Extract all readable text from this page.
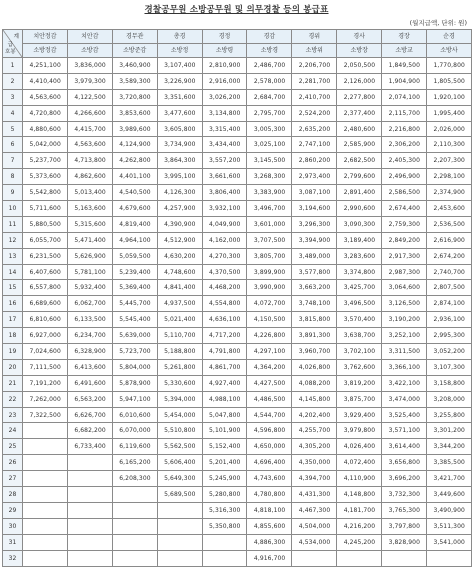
경찰공무원 소방공무원 및 의무경찰 등의 봉급표
(월지급액, 단위: 원)
계
급
호봉	치안정감	치안감	경무관	총경	경정	경감	경위	경사	경장	순경
	소방정감	소방감	소방준감	소방정	소방령	소방경	소방위	소방장	소방교	소방사
1	4,251,100	3,836,000	3,460,900	3,107,400	2,810,900	2,486,700	2,206,700	2,050,500	1,849,500	1,770,800
2	4,410,400	3,979,300	3,589,300	3,226,900	2,916,000	2,578,000	2,281,700	2,126,000	1,904,900	1,805,500
3	4,563,600	4,122,500	3,720,800	3,351,600	3,026,200	2,684,700	2,410,700	2,277,800	2,074,100	1,920,100
4	4,720,800	4,266,600	3,853,600	3,477,600	3,134,800	2,795,700	2,524,200	2,377,400	2,115,700	1,995,400
5	4,880,600	4,415,700	3,989,600	3,605,800	3,315,400	3,005,300	2,635,200	2,480,600	2,216,800	2,026,000
6	5,042,000	4,563,600	4,124,900	3,734,900	3,434,400	3,025,100	2,747,100	2,585,900	2,306,200	2,110,300
7	5,237,700	4,713,800	4,262,800	3,864,300	3,557,200	3,145,500	2,860,200	2,682,500	2,405,300	2,207,300
8	5,373,600	4,862,600	4,401,100	3,995,100	3,661,600	3,268,300	2,973,400	2,799,600	2,496,900	2,298,100
9	5,542,800	5,013,400	4,540,500	4,126,300	3,806,400	3,383,900	3,087,100	2,891,400	2,586,500	2,374,900
10	5,711,600	5,163,600	4,679,600	4,257,900	3,932,100	3,496,700	3,194,600	2,990,600	2,674,400	2,453,600
11	5,880,500	5,315,600	4,819,400	4,390,900	4,049,900	3,601,000	3,296,300	3,090,300	2,759,300	2,536,500
12	6,055,700	5,471,400	4,964,100	4,512,900	4,162,000	3,707,500	3,394,900	3,189,400	2,849,200	2,616,900
13	6,231,500	5,626,900	5,059,500	4,630,200	4,270,300	3,805,700	3,489,000	3,283,600	2,917,300	2,674,200
14	6,407,600	5,781,100	5,239,400	4,748,600	4,370,500	3,899,900	3,577,800	3,374,800	2,987,300	2,740,700
15	6,557,800	5,932,400	5,369,400	4,841,400	4,468,200	3,990,900	3,663,200	3,425,700	3,064,600	2,807,500
16	6,689,600	6,062,700	5,445,700	4,937,500	4,554,800	4,072,700	3,748,100	3,496,500	3,126,500	2,874,100
17	6,810,600	6,133,500	5,545,400	5,021,400	4,636,100	4,150,500	3,815,800	3,570,400	3,190,200	2,936,100
18	6,927,000	6,234,700	5,639,000	5,110,700	4,717,200	4,226,800	3,891,300	3,638,700	3,252,100	2,995,300
19	7,024,600	6,328,900	5,723,700	5,188,800	4,791,800	4,297,100	3,960,700	3,702,100	3,311,500	3,052,200
20	7,111,500	6,413,600	5,804,000	5,261,800	4,861,700	4,364,200	4,026,800	3,762,600	3,366,100	3,107,300
21	7,191,200	6,491,600	5,878,900	5,330,600	4,927,400	4,427,500	4,088,200	3,819,200	3,422,100	3,158,800
22	7,262,000	6,563,200	5,947,100	5,394,000	4,988,100	4,486,500	4,145,800	3,875,700	3,474,000	3,208,000
23	7,322,500	6,626,700	6,010,600	5,454,000	5,047,800	4,544,700	4,202,400	3,929,400	3,525,400	3,255,800
24		6,682,200	6,070,000	5,510,800	5,101,900	4,596,800	4,255,700	3,979,800	3,571,100	3,301,200
25		6,733,400	6,119,600	5,562,500	5,152,400	4,650,000	4,305,200	4,026,400	3,614,400	3,344,200
26			6,165,200	5,606,400	5,201,400	4,696,400	4,350,000	4,072,400	3,656,800	3,385,500
27			6,208,300	5,649,300	5,245,900	4,743,600	4,394,700	4,110,900	3,696,200	3,421,700
28				5,689,500	5,280,800	4,780,800	4,431,300	4,148,800	3,732,300	3,449,600
29					5,316,300	4,818,100	4,467,300	4,181,700	3,765,300	3,490,900
30					5,350,800	4,855,600	4,504,000	4,216,200	3,797,800	3,511,300
31						4,886,300	4,534,000	4,245,200	3,828,900	3,541,000
32						4,916,700				
